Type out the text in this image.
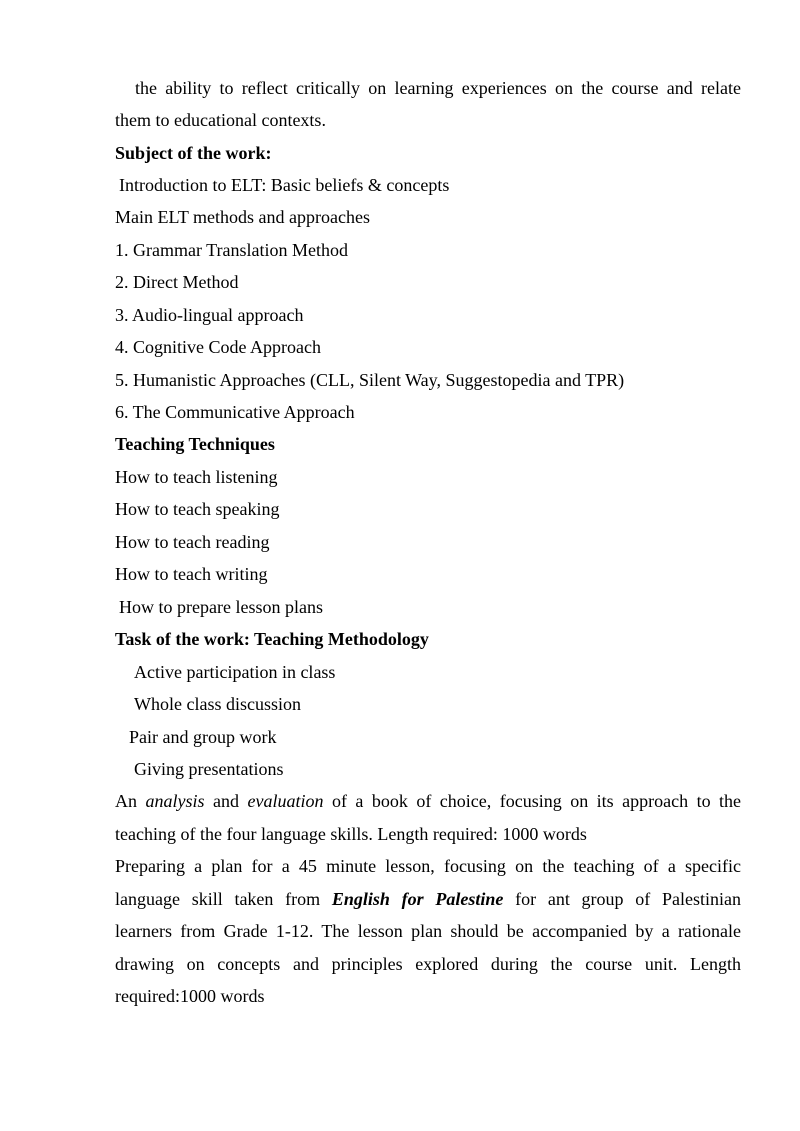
the ability to reflect critically on learning experiences on the course and relate
them to educational contexts.
Subject of the work:
Introduction to ELT: Basic beliefs & concepts
Main ELT methods and approaches
1. Grammar Translation Method
2. Direct Method
3. Audio-lingual approach
4. Cognitive Code Approach
5. Humanistic Approaches (CLL, Silent Way, Suggestopedia and TPR)
6. The Communicative Approach
Teaching Techniques
How to teach listening
How to teach speaking
How to teach reading
How to teach writing
How to prepare lesson plans
Task of the work: Teaching Methodology
Active participation in class
Whole class discussion
Pair and group work
Giving presentations
An analysis and evaluation of a book of choice, focusing on its approach to the
teaching of the four language skills. Length required: 1000 words
Preparing a plan for a 45 minute lesson, focusing on the teaching of a specific
language skill taken from English for Palestine for ant group of Palestinian
learners from Grade 1-12. The lesson plan should be accompanied by a rationale
drawing on concepts and principles explored during the course unit. Length
required:1000 words
